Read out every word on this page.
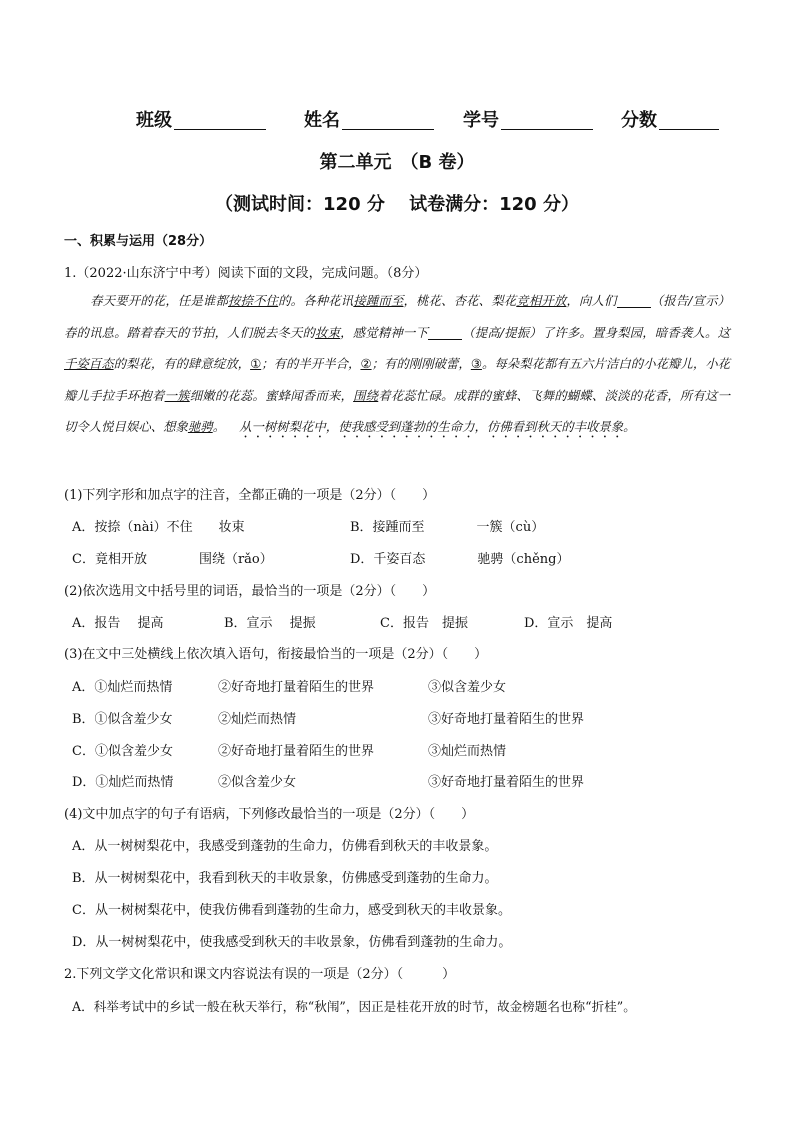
班级	姓名	学号	分数
第二单元　（B 卷）
（测试时间：120 分　 试卷满分：120 分）
一、积累与运用（28分）
1.（2022·山东济宁中考）阅读下面的文段，完成问题。（8分）
春天要开的花，任是谁都按捺不住的。各种花讯接踵而至，桃花、杏花、梨花竞相开放，向人们	（报告/宣示）春的讯息。踏着春天的节拍，人们脱去冬天的妆束，感觉精神一下	（提高/提振）了许多。置身梨园，暗香袭人。这千姿百态的梨花，有的肆意绽放，①；有的半开半合，②；有的刚刚破蕾，③。每朵梨花都有五六片洁白的小花瓣儿，小花瓣儿手拉手环抱着一簇细嫩的花蕊。蜜蜂闻香而来，围绕着花蕊忙碌。成群的蜜蜂、飞舞的蝴蝶、淡淡的花香，所有这一切令人悦目娱心、想象驰骋。 从一树树梨花中，使我感受到蓬勃的生命力，仿佛看到秋天的丰收景象。
(1)下列字形和加点字的注音，全都正确的一项是（2分）（　　）
A．按捺（nài）不住　　妆束	B．接踵而至　　　　一簇（cù）
C．竟相开放　　　　围绕（rǎo）	D．千姿百态　　　　驰骋（chěng）
(2)依次选用文中括号里的词语，最恰当的一项是（2分）（　　）
A．报告　 提高	B．宣示　 提振	C．报告　提振	D．宣示　提高
(3)在文中三处横线上依次填入语句，衔接最恰当的一项是（2分）（　　）
A．①灿烂而热情	②好奇地打量着陌生的世界	③似含羞少女
B．①似含羞少女	②灿烂而热情	③好奇地打量着陌生的世界
C．①似含羞少女	②好奇地打量着陌生的世界	③灿烂而热情
D．①灿烂而热情	②似含羞少女	③好奇地打量着陌生的世界
(4)文中加点字的句子有语病，下列修改最恰当的一项是（2分）（　　）
A．从一树树梨花中，我感受到蓬勃的生命力，仿佛看到秋天的丰收景象。
B．从一树树梨花中，我看到秋天的丰收景象，仿佛感受到蓬勃的生命力。
C．从一树树梨花中，使我仿佛看到蓬勃的生命力，感受到秋天的丰收景象。
D．从一树树梨花中，使我感受到秋天的丰收景象，仿佛看到蓬勃的生命力。
2.下列文学文化常识和课文内容说法有误的一项是（2分）（　　　）
A．科举考试中的乡试一般在秋天举行，称“秋闱”，因正是桂花开放的时节，故金榜题名也称“折桂”。
